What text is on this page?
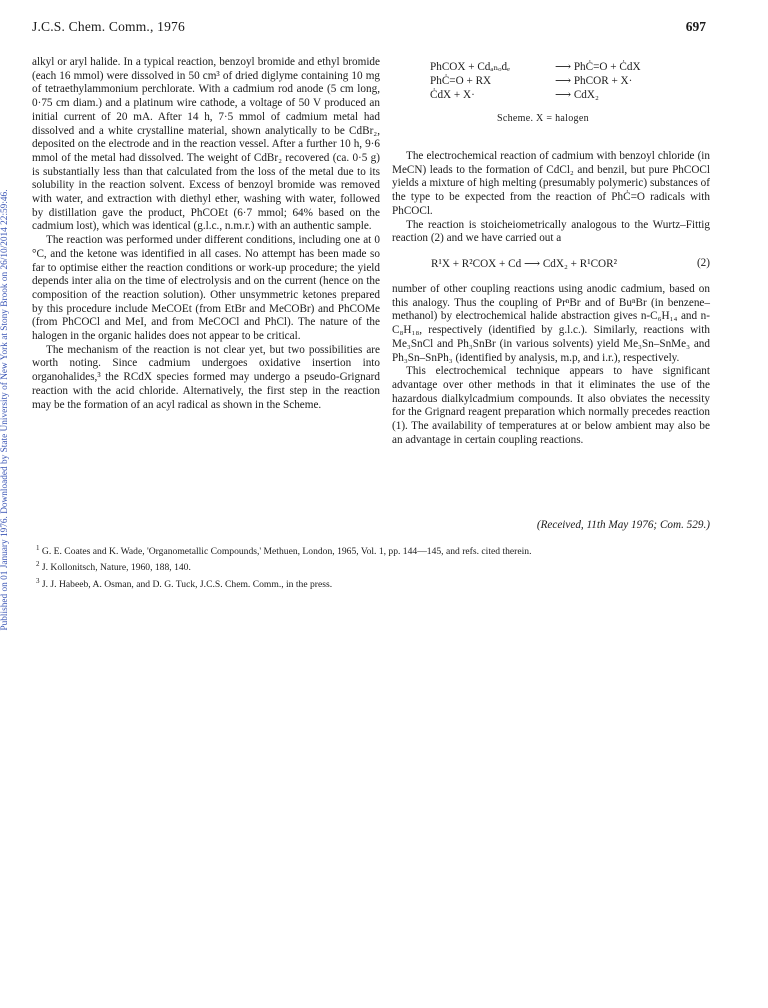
J.C.S. Chem. Comm., 1976	697
Published on 01 January 1976. Downloaded by State University of New York at Stony Brook on 26/10/2014 22:59:46.

alkyl or aryl halide. In a typical reaction, benzoyl bromide and ethyl bromide (each 16 mmol) were dissolved in 50 cm³ of dried diglyme containing 10 mg of tetraethylammonium perchlorate. With a cadmium rod anode (5 cm long, 0·75 cm diam.) and a platinum wire cathode, a voltage of 50 V produced an initial current of 20 mA. After 14 h, 7·5 mmol of cadmium metal had dissolved and a white crystalline material, shown analytically to be CdBr₂, deposited on the electrode and in the reaction vessel. After a further 10 h, 9·6 mmol of the metal had dissolved. The weight of CdBr₂ recovered (ca. 0·5 g) is substantially less than that calculated from the loss of the metal due to its solubility in the reaction solvent. Excess of benzoyl bromide was removed with water, and extraction with diethyl ether, washing with water, followed by distillation gave the product, PhCOEt (6·7 mmol; 64% based on the cadmium lost), which was identical (g.l.c., n.m.r.) with an authentic sample.

The reaction was performed under different conditions, including one at 0 °C, and the ketone was identified in all cases. No attempt has been made so far to optimise either the reaction conditions or work-up procedure; the yield depends inter alia on the time of electrolysis and on the current (hence on the composition of the reaction solution). Other unsymmetric ketones prepared by this procedure include MeCOEt (from EtBr and MeCOBr) and PhCOMe (from PhCOCl and MeI, and from MeCOCl and PhCl). The nature of the halogen in the organic halides does not appear to be critical.

The mechanism of the reaction is not clear yet, but two possibilities are worth noting. Since cadmium undergoes oxidative insertion into organohalides,³ the RCdX species formed may undergo a pseudo-Grignard reaction with the acid chloride. Alternatively, the first step in the reaction may be the formation of an acyl radical as shown in the Scheme.

PhCOX + Cdₐₙₒdₑ	⟶ PhĊ=O + ĊdX
PhĊ=O + RX	⟶ PhCOR + X·
ĊdX + X·	⟶ CdX₂
Scheme. X = halogen

The electrochemical reaction of cadmium with benzoyl chloride (in MeCN) leads to the formation of CdCl₂ and benzil, but pure PhCOCl yields a mixture of high melting (presumably polymeric) substances of the type to be expected from the reaction of PhĊ=O radicals with PhCOCl.

The reaction is stoicheiometrically analogous to the Wurtz–Fittig reaction (2) and we have carried out a

R¹X + R²COX + Cd ⟶ CdX₂ + R¹COR²	(2)

number of other coupling reactions using anodic cadmium, based on this analogy. Thus the coupling of PrⁿBr and of BuⁿBr (in benzene–methanol) by electrochemical halide abstraction gives n-C₆H₁₄ and n-C₈H₁₈, respectively (identified by g.l.c.). Similarly, reactions with Me₃SnCl and Ph₃SnBr (in various solvents) yield Me₃Sn–SnMe₃ and Ph₃Sn–SnPh₃ (identified by analysis, m.p, and i.r.), respectively.

This electrochemical technique appears to have significant advantage over other methods in that it eliminates the use of the hazardous dialkylcadmium compounds. It also obviates the necessity for the Grignard reagent preparation which normally precedes reaction (1). The availability of temperatures at or below ambient may also be an advantage in certain coupling reactions.

(Received, 11th May 1976; Com. 529.)

$^1$ G. E. Coates and K. Wade, 'Organometallic Compounds,' Methuen, London, 1965, Vol. 1, pp. 144—145, and refs. cited therein.

$^2$ J. Kollonitsch, Nature, 1960, 188, 140.

$^3$ J. J. Habeeb, A. Osman, and D. G. Tuck, J.C.S. Chem. Comm., in the press.
